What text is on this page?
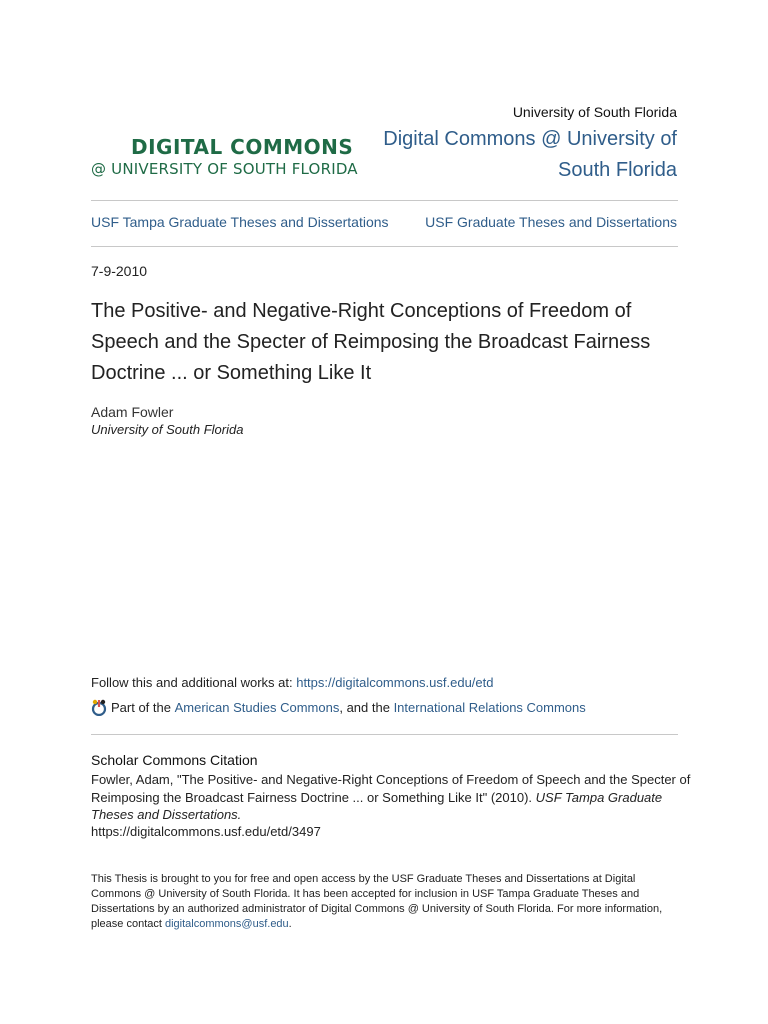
DIGITAL COMMONS
@ UNIVERSITY OF SOUTH FLORIDA
University of South Florida
Digital Commons @ University of South Florida
USF Tampa Graduate Theses and Dissertations	USF Graduate Theses and Dissertations
7-9-2010
The Positive- and Negative-Right Conceptions of Freedom of Speech and the Specter of Reimposing the Broadcast Fairness Doctrine ... or Something Like It
Adam Fowler
University of South Florida
Follow this and additional works at: https://digitalcommons.usf.edu/etd
Part of the
American Studies Commons , and the International Relations Commons
Scholar Commons Citation
Fowler, Adam, "The Positive- and Negative-Right Conceptions of Freedom of Speech and the Specter of Reimposing the Broadcast Fairness Doctrine ... or Something Like It" (2010). USF Tampa Graduate Theses and Dissertations.
https://digitalcommons.usf.edu/etd/3497
This Thesis is brought to you for free and open access by the USF Graduate Theses and Dissertations at Digital Commons @ University of South Florida. It has been accepted for inclusion in USF Tampa Graduate Theses and Dissertations by an authorized administrator of Digital Commons @ University of South Florida. For more information, please contact digitalcommons@usf.edu.
